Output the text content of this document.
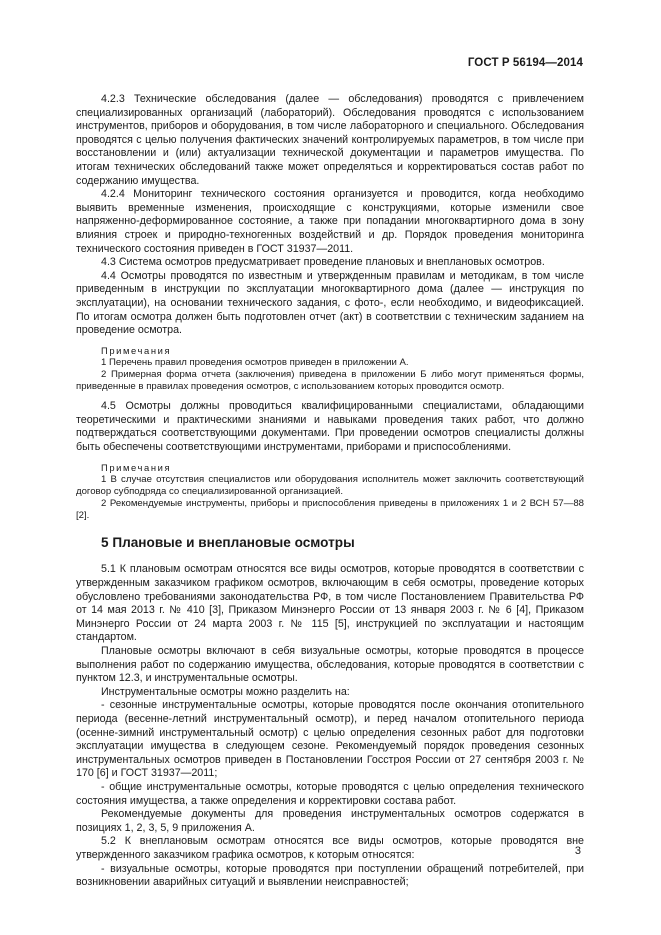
ГОСТ Р 56194—2014

4.2.3 Технические обследования (далее — обследования) проводятся с привлечением специализированных организаций (лабораторий). Обследования проводятся с использованием инструментов, приборов и оборудования, в том числе лабораторного и специального. Обследования проводятся с целью получения фактических значений контролируемых параметров, в том числе при восстановлении и (или) актуализации технической документации и параметров имущества. По итогам технических обследований также может определяться и корректироваться состав работ по содержанию имущества.

4.2.4 Мониторинг технического состояния организуется и проводится, когда необходимо выявить временные изменения, происходящие с конструкциями, которые изменили свое напряженно-деформированное состояние, а также при попадании многоквартирного дома в зону влияния строек и природно-техногенных воздействий и др. Порядок проведения мониторинга технического состояния приведен в ГОСТ 31937—2011.

4.3 Система осмотров предусматривает проведение плановых и внеплановых осмотров.

4.4 Осмотры проводятся по известным и утвержденным правилам и методикам, в том числе приведенным в инструкции по эксплуатации многоквартирного дома (далее — инструкция по эксплуатации), на основании технического задания, с фото-, если необходимо, и видеофиксацией. По итогам осмотра должен быть подготовлен отчет (акт) в соответствии с техническим заданием на проведение осмотра.

Примечания

1 Перечень правил проведения осмотров приведен в приложении А.

2 Примерная форма отчета (заключения) приведена в приложении Б либо могут применяться формы, приведенные в правилах проведения осмотров, с использованием которых проводится осмотр.

4.5 Осмотры должны проводиться квалифицированными специалистами, обладающими теоретическими и практическими знаниями и навыками проведения таких работ, что должно подтверждаться соответствующими документами. При проведении осмотров специалисты должны быть обеспечены соответствующими инструментами, приборами и приспособлениями.

Примечания

1 В случае отсутствия специалистов или оборудования исполнитель может заключить соответствующий договор субподряда со специализированной организацией.

2 Рекомендуемые инструменты, приборы и приспособления приведены в приложениях 1 и 2 ВСН 57—88 [2].

5 Плановые и внеплановые осмотры

5.1 К плановым осмотрам относятся все виды осмотров, которые проводятся в соответствии с утвержденным заказчиком графиком осмотров, включающим в себя осмотры, проведение которых обусловлено требованиями законодательства РФ, в том числе Постановлением Правительства РФ от 14 мая 2013 г. № 410 [3], Приказом Минэнерго России от 13 января 2003 г. № 6 [4], Приказом Минэнерго России от 24 марта 2003 г. № 115 [5], инструкцией по эксплуатации и настоящим стандартом.

Плановые осмотры включают в себя визуальные осмотры, которые проводятся в процессе выполнения работ по содержанию имущества, обследования, которые проводятся в соответствии с пунктом 12.3, и инструментальные осмотры.

Инструментальные осмотры можно разделить на:

- сезонные инструментальные осмотры, которые проводятся после окончания отопительного периода (весенне-летний инструментальный осмотр), и перед началом отопительного периода (осенне-зимний инструментальный осмотр) с целью определения сезонных работ для подготовки эксплуатации имущества в следующем сезоне. Рекомендуемый порядок проведения сезонных инструментальных осмотров приведен в Постановлении Госстроя России от 27 сентября 2003 г. № 170 [6] и ГОСТ 31937—2011;

- общие инструментальные осмотры, которые проводятся с целью определения технического состояния имущества, а также определения и корректировки состава работ.

Рекомендуемые документы для проведения инструментальных осмотров содержатся в позициях 1, 2, 3, 5, 9 приложения А.

5.2 К внеплановым осмотрам относятся все виды осмотров, которые проводятся вне утвержденного заказчиком графика осмотров, к которым относятся:

- визуальные осмотры, которые проводятся при поступлении обращений потребителей, при возникновении аварийных ситуаций и выявлении неисправностей;

3
